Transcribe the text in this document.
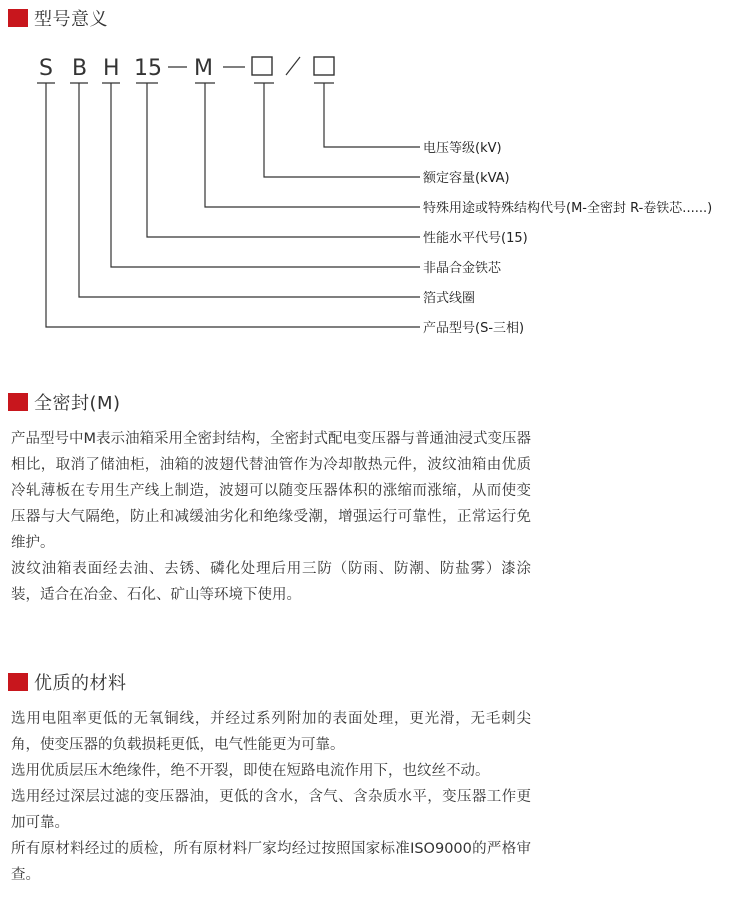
型号意义
S B H 15 M
电压等级(kV)
额定容量(kVA)
特殊用途或特殊结构代号(M-全密封 R-卷铁芯......)
性能水平代号(15)
非晶合金铁芯
箔式线圈
产品型号(S-三相)
全密封(M)

产品型号中M表示油箱采用全密封结构，全密封式配电变压器与普通油浸式变压器相比，取消了储油柜，油箱的波翅代替油管作为冷却散热元件，波纹油箱由优质冷轧薄板在专用生产线上制造，波翅可以随变压器体积的涨缩而涨缩，从而使变压器与大气隔绝，防止和减缓油劣化和绝缘受潮，增强运行可靠性，正常运行免维护。

波纹油箱表面经去油、去锈、磷化处理后用三防（防雨、防潮、防盐雾）漆涂装，适合在冶金、石化、矿山等环境下使用。

优质的材料

选用电阻率更低的无氧铜线，并经过系列附加的表面处理，更光滑，无毛刺尖角，使变压器的负载损耗更低，电气性能更为可靠。

选用优质层压木绝缘件，绝不开裂，即使在短路电流作用下，也纹丝不动。

选用经过深层过滤的变压器油，更低的含水，含气、含杂质水平，变压器工作更加可靠。

所有原材料经过的质检，所有原材料厂家均经过按照国家标准ISO9000的严格审查。
